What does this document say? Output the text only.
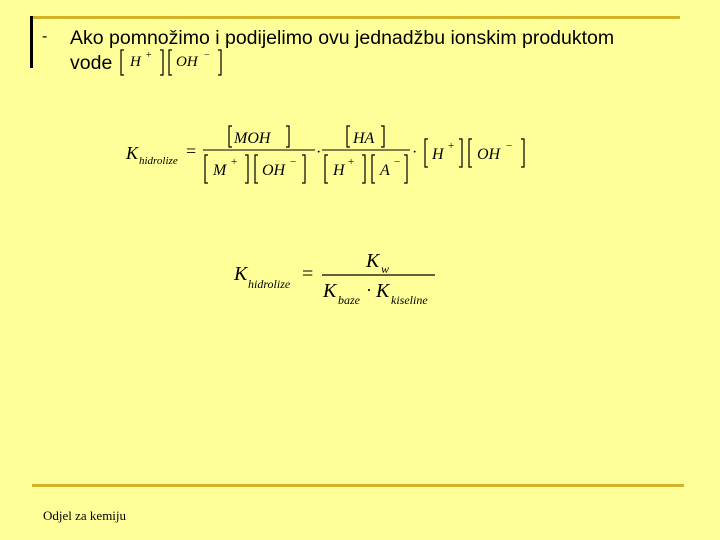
- Ako pomnožimo i podijelimo ovu jednadžbu ionskim produktom
vode	H + OH −
K hidrolize =
MOH
M + OH −
·
HA
H + A −
· H + OH −
K hidrolize =
K w
K baze · K kiseline
Odjel za kemiju
